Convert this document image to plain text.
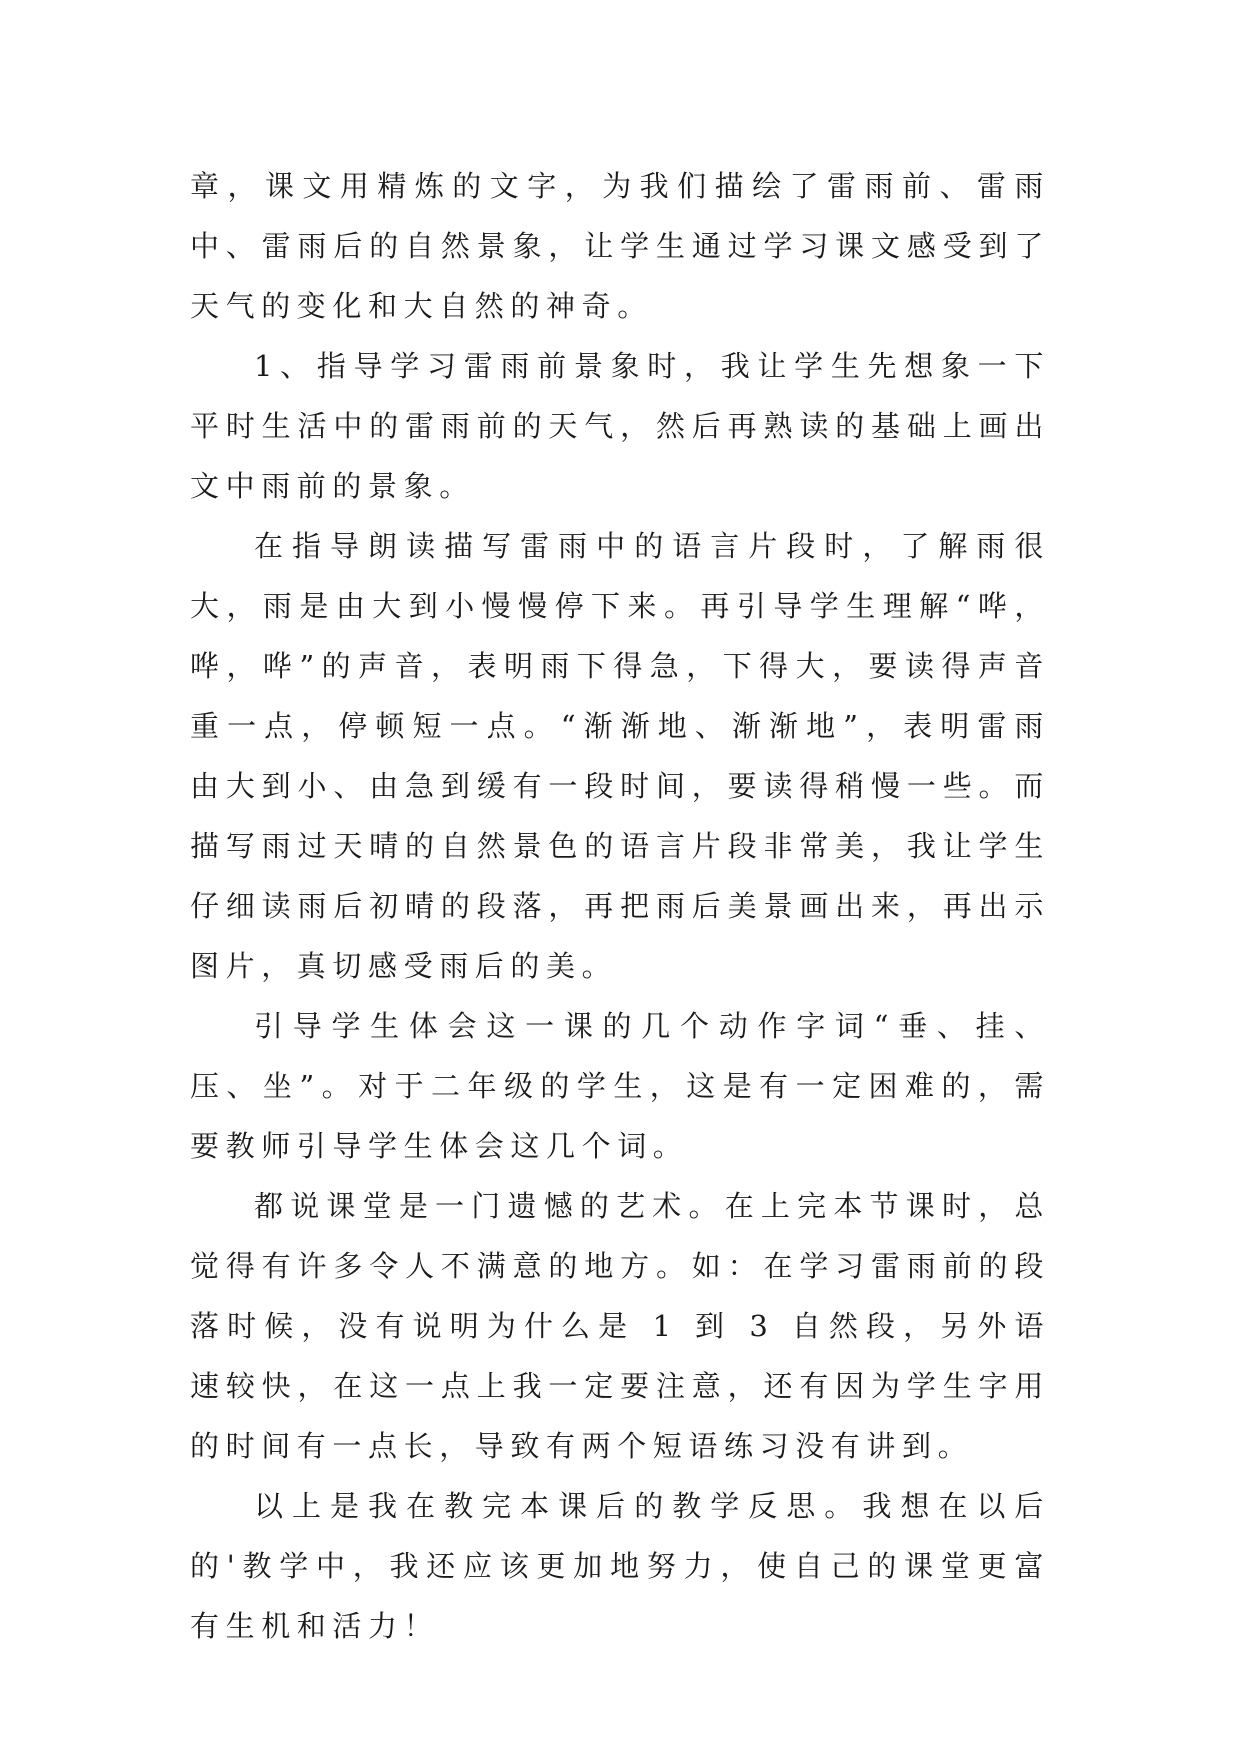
章，课文用精炼的文字，为我们描绘了雷雨前、雷雨中、雷雨后的自然景象，让学生通过学习课文感受到了天气的变化和大自然的神奇。

1、指导学习雷雨前景象时，我让学生先想象一下平时生活中的雷雨前的天气，然后再熟读的基础上画出文中雨前的景象。

在指导朗读描写雷雨中的语言片段时，了解雨很大，雨是由大到小慢慢停下来。再引导学生理解“哗，哗，哗”的声音，表明雨下得急，下得大，要读得声音重一点，停顿短一点。“渐渐地、渐渐地”，表明雷雨由大到小、由急到缓有一段时间，要读得稍慢一些。而描写雨过天晴的自然景色的语言片段非常美，我让学生仔细读雨后初晴的段落，再把雨后美景画出来，再出示图片，真切感受雨后的美。

引导学生体会这一课的几个动作字词“垂、挂、压、坐”。对于二年级的学生，这是有一定困难的，需要教师引导学生体会这几个词。

都说课堂是一门遗憾的艺术。在上完本节课时，总觉得有许多令人不满意的地方。如：在学习雷雨前的段落时候，没有说明为什么是 1 到 3 自然段，另外语速较快，在这一点上我一定要注意，还有因为学生字用的时间有一点长，导致有两个短语练习没有讲到。

以上是我在教完本课后的教学反思。我想在以后的'教学中，我还应该更加地努力，使自己的课堂更富有生机和活力！
